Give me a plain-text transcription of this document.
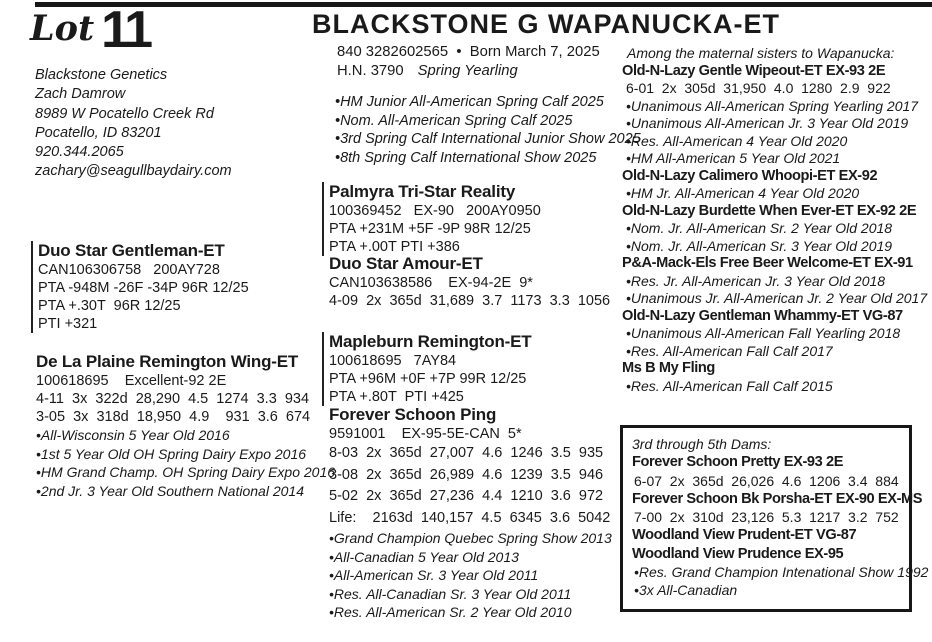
Lot 11	BLACKSTONE G WAPANUCKA-ET
Blackstone Genetics
Zach Damrow
8989 W Pocatello Creek Rd
Pocatello, ID 83201
920.344.2065
zachary@seagullbaydairy.com
840 3282602565  •  Born March 7, 2025
H.N. 3790 Spring Yearling
• HM Junior All-American Spring Calf 2025
• Nom. All-American Spring Calf 2025
• 3rd Spring Calf International Junior Show 2025
• 8th Spring Calf International Show 2025
Duo Star Gentleman-ET
CAN106306758   200AY728
PTA -948M -26F -34P 96R 12/25
PTA +.30T  96R 12/25
PTI +321
De La Plaine Remington Wing-ET
100618695    Excellent-92 2E
4-11  3x  322d  28,290  4.5  1274  3.3  934
3-05  3x  318d  18,950  4.9    931  3.6  674
• All-Wisconsin 5 Year Old 2016
• 1st 5 Year Old OH Spring Dairy Expo 2016
• HM Grand Champ. OH Spring Dairy Expo 2016
• 2nd Jr. 3 Year Old Southern National 2014
Palmyra Tri-Star Reality
100369452   EX-90   200AY0950
PTA +231M +5F -9P 98R 12/25
PTA +.00T PTI +386
Duo Star Amour-ET
CAN103638586    EX-94-2E  9*
4-09  2x  365d  31,689  3.7  1173  3.3  1056
Mapleburn Remington-ET
100618695   7AY84
PTA +96M +0F +7P 99R 12/25
PTA +.80T  PTI +425
Forever Schoon Ping
9591001    EX-95-5E-CAN  5*
8-03  2x  365d  27,007  4.6  1246  3.5  935
3-08  2x  365d  26,989  4.6  1239  3.5  946
5-02  2x  365d  27,236  4.4  1210  3.6  972
Life:    2163d  140,157  4.5  6345  3.6  5042
• Grand Champion Quebec Spring Show 2013
• All-Canadian 5 Year Old 2013
• All-American Sr. 3 Year Old 2011
• Res. All-Canadian Sr. 3 Year Old 2011
• Res. All-American Sr. 2 Year Old 2010
Among the maternal sisters to Wapanucka:
Old-N-Lazy Gentle Wipeout-ET EX-93 2E
6-01  2x  305d  31,950  4.0  1280  2.9  922
• Unanimous All-American Spring Yearling 2017
• Unanimous All-American Jr. 3 Year Old 2019
• Res. All-American 4 Year Old 2020
• HM All-American 5 Year Old 2021
Old-N-Lazy Calimero Whoopi-ET EX-92
• HM Jr. All-American 4 Year Old 2020
Old-N-Lazy Burdette When Ever-ET EX-92 2E
• Nom. Jr. All-American Sr. 2 Year Old 2018
• Nom. Jr. All-American Sr. 3 Year Old 2019
P&A-Mack-Els Free Beer Welcome-ET EX-91
• Res. Jr. All-American Jr. 3 Year Old 2018
• Unanimous Jr. All-American Jr. 2 Year Old 2017
Old-N-Lazy Gentleman Whammy-ET VG-87
• Unanimous All-American Fall Yearling 2018
• Res. All-American Fall Calf 2017
Ms B My Fling
• Res. All-American Fall Calf 2015
3rd through 5th Dams:
Forever Schoon Pretty EX-93 2E
6-07  2x  365d  26,026  4.6  1206  3.4  884
Forever Schoon Bk Porsha-ET EX-90 EX-MS
7-00  2x  310d  23,126  5.3  1217  3.2  752
Woodland View Prudent-ET VG-87
Woodland View Prudence EX-95
• Res. Grand Champion Intenational Show 1992
• 3x All-Canadian
